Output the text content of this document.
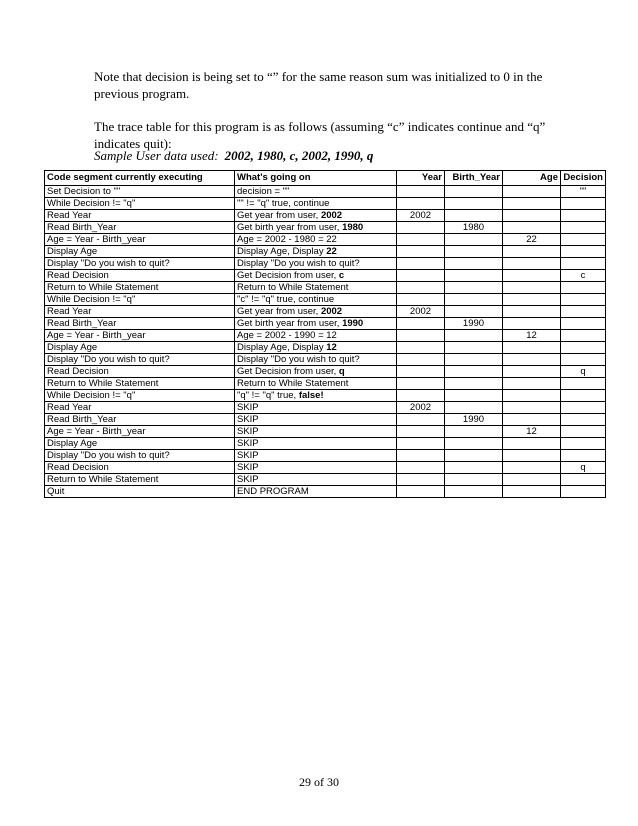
Note that decision is being set to “” for the same reason sum was initialized to 0 in the previous program.

The trace table for this program is as follows (assuming “c” indicates continue and “q” indicates quit):

Sample User data used: 2002, 1980, c, 2002, 1990, q
Code segment currently executing	What's going on	Year	Birth_Year	Age	Decision
Set Decision to ""	decision = ""				""
While Decision != "q"	"" != "q" true, continue				
Read Year	Get year from user, 2002	2002			
Read Birth_Year	Get birth year from user, 1980		1980		
Age = Year - Birth_year	Age = 2002 - 1980 = 22			22	
Display Age	Display Age, Display 22				
Display "Do you wish to quit?	Display "Do you wish to quit?				
Read Decision	Get Decision from user, c				c
Return to While Statement	Return to While Statement				
While Decision != "q"	"c" != "q" true, continue				
Read Year	Get year from user, 2002	2002			
Read Birth_Year	Get birth year from user, 1990		1990		
Age = Year - Birth_year	Age = 2002 - 1990 = 12			12	
Display Age	Display Age, Display 12				
Display "Do you wish to quit?	Display "Do you wish to quit?				
Read Decision	Get Decision from user, q				q
Return to While Statement	Return to While Statement				
While Decision != "q"	"q" != "q" true, false!				
Read Year	SKIP	2002			
Read Birth_Year	SKIP		1990		
Age = Year - Birth_year	SKIP			12	
Display Age	SKIP				
Display "Do you wish to quit?	SKIP				
Read Decision	SKIP				q
Return to While Statement	SKIP				
Quit	END PROGRAM				
29 of 30
